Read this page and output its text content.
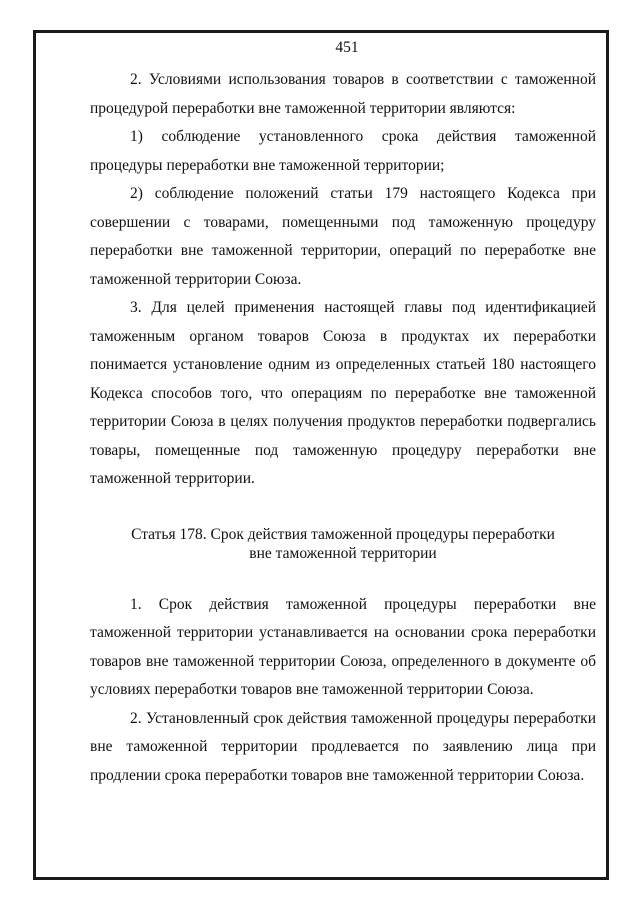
451

2. Условиями использования товаров в соответствии с таможенной процедурой переработки вне таможенной территории являются:

1) соблюдение установленного срока действия таможенной процедуры переработки вне таможенной территории;

2) соблюдение положений статьи 179 настоящего Кодекса при совершении с товарами, помещенными под таможенную процедуру переработки вне таможенной территории, операций по переработке вне таможенной территории Союза.

3. Для целей применения настоящей главы под идентификацией таможенным органом товаров Союза в продуктах их переработки понимается установление одним из определенных статьей 180 настоящего Кодекса способов того, что операциям по переработке вне таможенной территории Союза в целях получения продуктов переработки подвергались товары, помещенные под таможенную процедуру переработки вне таможенной территории.

Статья 178. Срок действия таможенной процедуры переработки
вне таможенной территории

1. Срок действия таможенной процедуры переработки вне таможенной территории устанавливается на основании срока переработки товаров вне таможенной территории Союза, определенного в документе об условиях переработки товаров вне таможенной территории Союза.

2. Установленный срок действия таможенной процедуры переработки вне таможенной территории продлевается по заявлению лица при продлении срока переработки товаров вне таможенной территории Союза.
